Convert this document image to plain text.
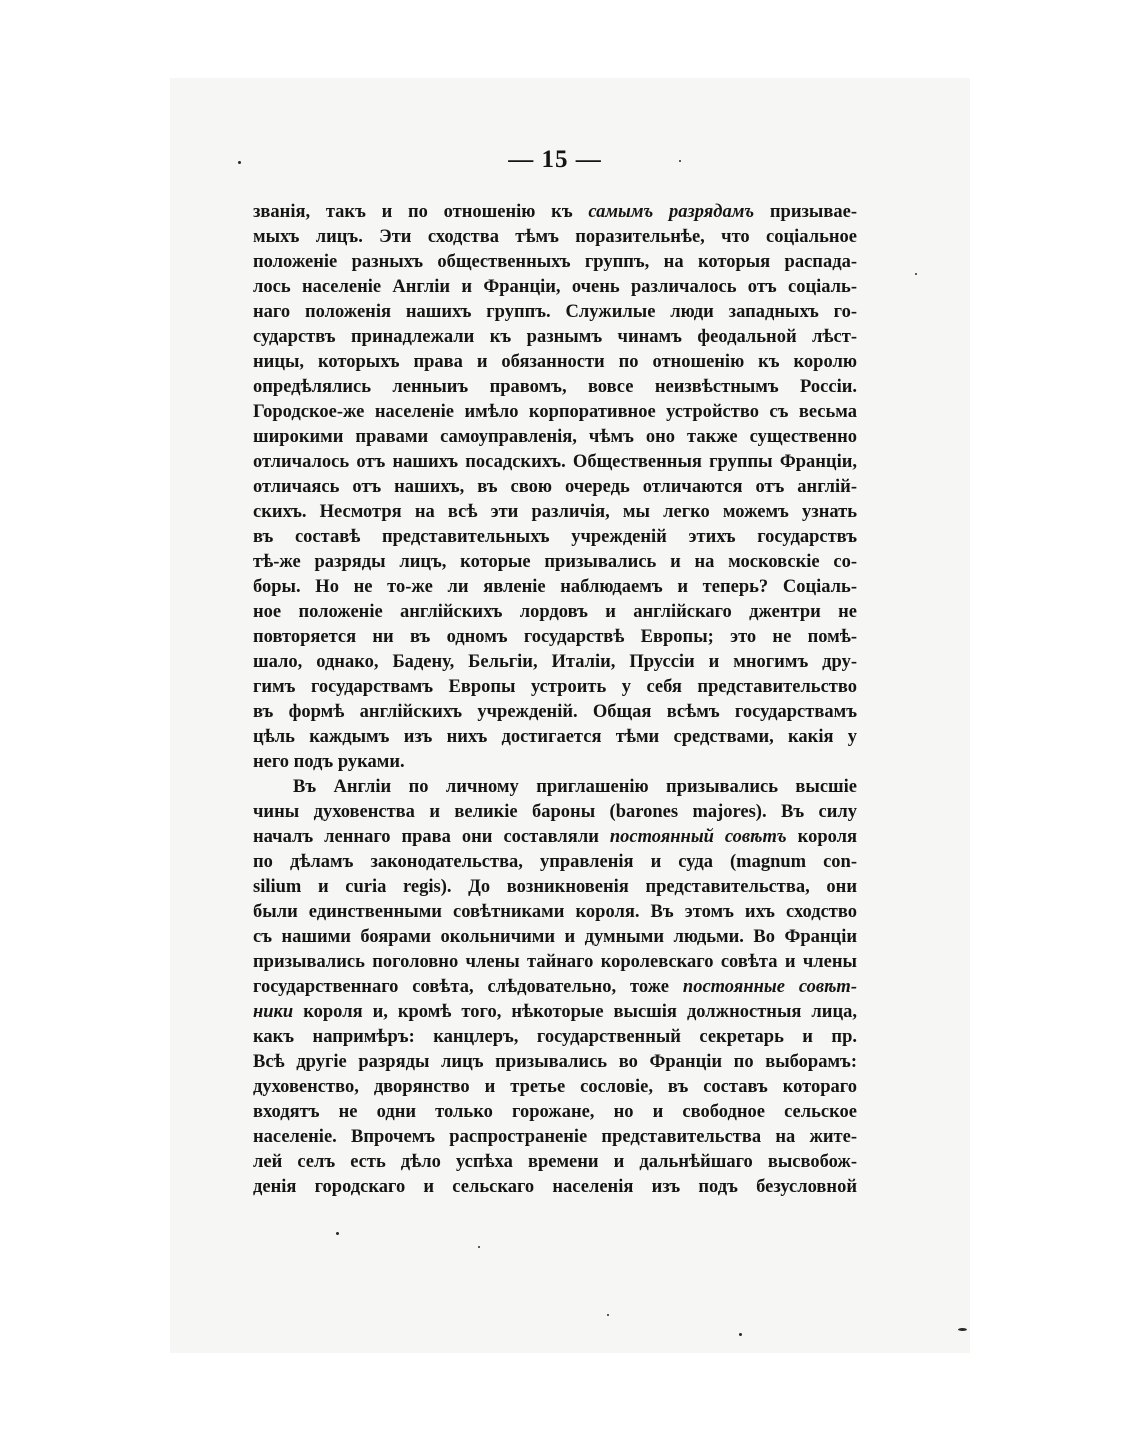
— 15 —
званія, такъ и по отношенію къ самымъ разрядамъ призывае-
мыхъ лицъ. Эти сходства тѣмъ поразительнѣе, что соціальное
положеніе разныхъ общественныхъ группъ, на которыя распада-
лось населеніе Англіи и Франціи, очень различалось отъ соціаль-
наго положенія нашихъ группъ. Служилые люди западныхъ го-
сударствъ принадлежали къ разнымъ чинамъ феодальной лѣст-
ницы, которыхъ права и обязанности по отношенію къ королю
опредѣлялись ленныиъ правомъ, вовсе неизвѣстнымъ Россіи.
Городское-же населеніе имѣло корпоративное устройство съ весьма
широкими правами самоуправленія, чѣмъ оно также существенно
отличалось отъ нашихъ посадскихъ. Общественныя группы Франціи,
отличаясь отъ нашихъ, въ свою очередь отличаются отъ англій-
скихъ. Несмотря на всѣ эти различія, мы легко можемъ узнать
въ составѣ представительныхъ учрежденій этихъ государствъ
тѣ-же разряды лицъ, которые призывались и на московскіе со-
боры. Но не то-же ли явленіе наблюдаемъ и теперь? Соціаль-
ное положеніе англійскихъ лордовъ и англійскаго джентри не
повторяется ни въ одномъ государствѣ Европы; это не помѣ-
шало, однако, Бадену, Бельгіи, Италіи, Пруссіи и многимъ дру-
гимъ государствамъ Европы устроить у себя представительство
въ формѣ англійскихъ учрежденій. Общая всѣмъ государствамъ
цѣль каждымъ изъ нихъ достигается тѣми средствами, какія у
него подъ руками.
Въ Англіи по личному приглашенію призывались высшіе
чины духовенства и великіе бароны (barones majores). Въ силу
началъ леннаго права они составляли постоянный совѣтъ короля
по дѣламъ законодательства, управленія и суда (magnum con-
silium и curia regis). До возникновенія представительства, они
были единственными совѣтниками короля. Въ этомъ ихъ сходство
съ нашими боярами окольничими и думными людьми. Во Франціи
призывались поголовно члены тайнаго королевскаго совѣта и члены
государственнаго совѣта, слѣдовательно, тоже постоянные совѣт-
ники короля и, кромѣ того, нѣкоторые высшія должностныя лица,
какъ напримѣръ: канцлеръ, государственный секретарь и пр.
Всѣ другіе разряды лицъ призывались во Франціи по выборамъ:
духовенство, дворянство и третье сословіе, въ составъ котораго
входятъ не одни только горожане, но и свободное сельское
населеніе. Впрочемъ распространеніе представительства на жите-
лей селъ есть дѣло успѣха времени и дальнѣйшаго высвобож-
денія городскаго и сельскаго населенія изъ подъ безусловной
